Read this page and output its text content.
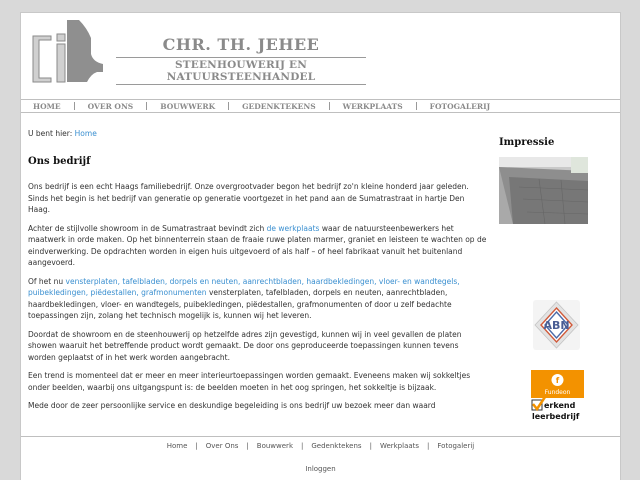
CHR. TH. JEHEE
STEENHOUWERIJ EN NATUURSTEENHANDEL
HOME	OVER ONS	BOUWWERK	GEDENKTEKENS	WERKPLAATS	FOTOGALERIJ
U bent hier: Home
Ons bedrijf

Ons bedrijf is een echt Haags familiebedrijf. Onze overgrootvader begon het bedrijf zo'n kleine honderd jaar geleden. Sinds het begin is het bedrijf van generatie op generatie voortgezet in het pand aan de Sumatrastraat in hartje Den Haag.

Achter de stijlvolle showroom in de Sumatrastraat bevindt zich de werkplaats waar de natuursteenbewerkers het maatwerk in orde maken. Op het binnenterrein staan de fraaie ruwe platen marmer, graniet en leisteen te wachten op de eindverwerking. De opdrachten worden in eigen huis uitgevoerd of als half – of heel fabrikaat vanuit het buitenland aangevoerd.

Of het nu vensterplaten, tafelbladen, dorpels en neuten, aanrechtbladen, haardbekledingen, vloer- en wandtegels, puibekledingen, piëdestallen, grafmonumenten vensterplaten, tafelbladen, dorpels en neuten, aanrechtbladen, haardbekledingen, vloer- en wandtegels, puibekledingen, piëdestallen, grafmonumenten of door u zelf bedachte toepassingen zijn, zolang het technisch mogelijk is, kunnen wij het leveren.

Doordat de showroom en de steenhouwerij op hetzelfde adres zijn gevestigd, kunnen wij in veel gevallen de platen showen waaruit het betreffende product wordt gemaakt. De door ons geproduceerde toepassingen kunnen tevens worden geplaatst of in het werk worden aangebracht.

Een trend is momenteel dat er meer en meer interieurtoepassingen worden gemaakt. Eveneens maken wij sokkeltjes onder beelden, waarbij ons uitgangspunt is: de beelden moeten in het oog springen, het sokkeltje is bijzaak.

Mede door de zeer persoonlijke service en deskundige begeleiding is ons bedrijf uw bezoek meer dan waard

Impressie
ABN
f
Fundeon
erkend
leerbedrijf
Home | Over Ons | Bouwwerk | Gedenktekens | Werkplaats | Fotogalerij
Inloggen
